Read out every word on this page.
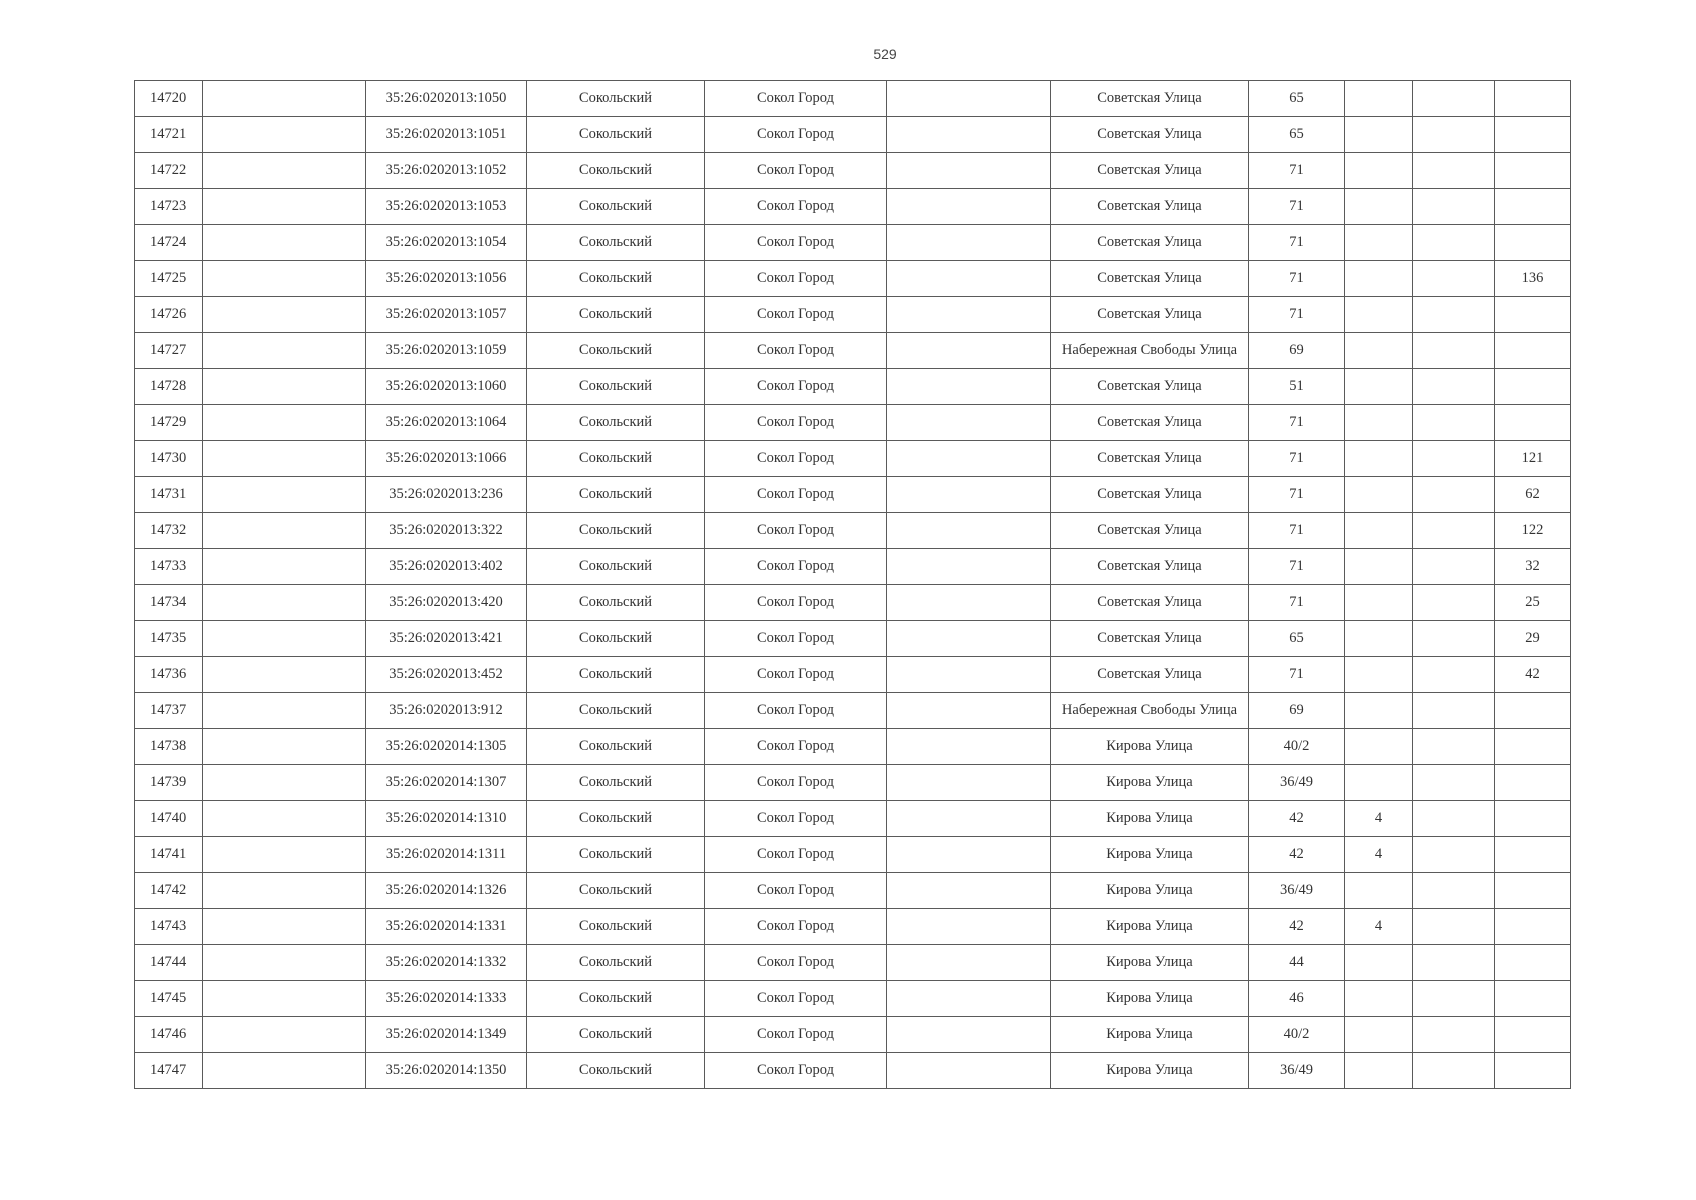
529
14720		35:26:0202013:1050	Сокольский	Сокол Город		Советская Улица	65			
14721		35:26:0202013:1051	Сокольский	Сокол Город		Советская Улица	65			
14722		35:26:0202013:1052	Сокольский	Сокол Город		Советская Улица	71			
14723		35:26:0202013:1053	Сокольский	Сокол Город		Советская Улица	71			
14724		35:26:0202013:1054	Сокольский	Сокол Город		Советская Улица	71			
14725		35:26:0202013:1056	Сокольский	Сокол Город		Советская Улица	71			136
14726		35:26:0202013:1057	Сокольский	Сокол Город		Советская Улица	71			
14727		35:26:0202013:1059	Сокольский	Сокол Город		Набережная Свободы Улица	69			
14728		35:26:0202013:1060	Сокольский	Сокол Город		Советская Улица	51			
14729		35:26:0202013:1064	Сокольский	Сокол Город		Советская Улица	71			
14730		35:26:0202013:1066	Сокольский	Сокол Город		Советская Улица	71			121
14731		35:26:0202013:236	Сокольский	Сокол Город		Советская Улица	71			62
14732		35:26:0202013:322	Сокольский	Сокол Город		Советская Улица	71			122
14733		35:26:0202013:402	Сокольский	Сокол Город		Советская Улица	71			32
14734		35:26:0202013:420	Сокольский	Сокол Город		Советская Улица	71			25
14735		35:26:0202013:421	Сокольский	Сокол Город		Советская Улица	65			29
14736		35:26:0202013:452	Сокольский	Сокол Город		Советская Улица	71			42
14737		35:26:0202013:912	Сокольский	Сокол Город		Набережная Свободы Улица	69			
14738		35:26:0202014:1305	Сокольский	Сокол Город		Кирова Улица	40/2			
14739		35:26:0202014:1307	Сокольский	Сокол Город		Кирова Улица	36/49			
14740		35:26:0202014:1310	Сокольский	Сокол Город		Кирова Улица	42	4		
14741		35:26:0202014:1311	Сокольский	Сокол Город		Кирова Улица	42	4		
14742		35:26:0202014:1326	Сокольский	Сокол Город		Кирова Улица	36/49			
14743		35:26:0202014:1331	Сокольский	Сокол Город		Кирова Улица	42	4		
14744		35:26:0202014:1332	Сокольский	Сокол Город		Кирова Улица	44			
14745		35:26:0202014:1333	Сокольский	Сокол Город		Кирова Улица	46			
14746		35:26:0202014:1349	Сокольский	Сокол Город		Кирова Улица	40/2			
14747		35:26:0202014:1350	Сокольский	Сокол Город		Кирова Улица	36/49			
